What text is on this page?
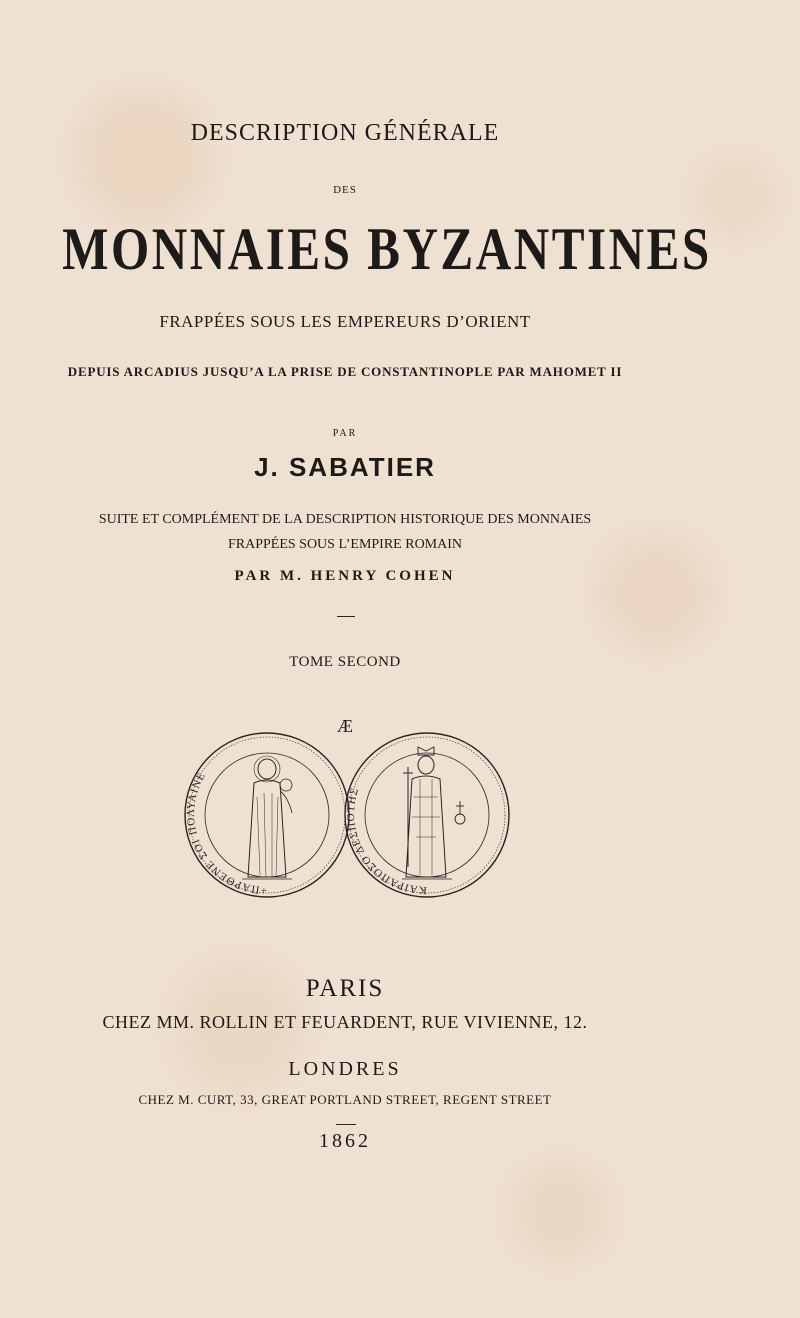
DESCRIPTION GÉNÉRALE
DES
MONNAIES BYZANTINES
FRAPPÉES SOUS LES EMPEREURS D’ORIENT
DEPUIS ARCADIUS JUSQU’A LA PRISE DE CONSTANTINOPLE PAR MAHOMET II
PAR
J. SABATIER
SUITE ET COMPLÉMENT DE LA DESCRIPTION HISTORIQUE DES MONNAIES
FRAPPÉES SOUS L’EMPIRE ROMAIN
PAR M. HENRY COHEN
TOME SECOND
Æ
+ΠΑΡΘΕΝΕ ΣΟΙ ΠΟΛΥΑΙΝΕ
ΚΑΙΡΑΠΟΣΟ ΔΕΣΠΟΤΗΣ
PARIS
CHEZ MM. ROLLIN ET FEUARDENT, RUE VIVIENNE, 12.
LONDRES
CHEZ M. CURT, 33, GREAT PORTLAND STREET, REGENT STREET
1862
